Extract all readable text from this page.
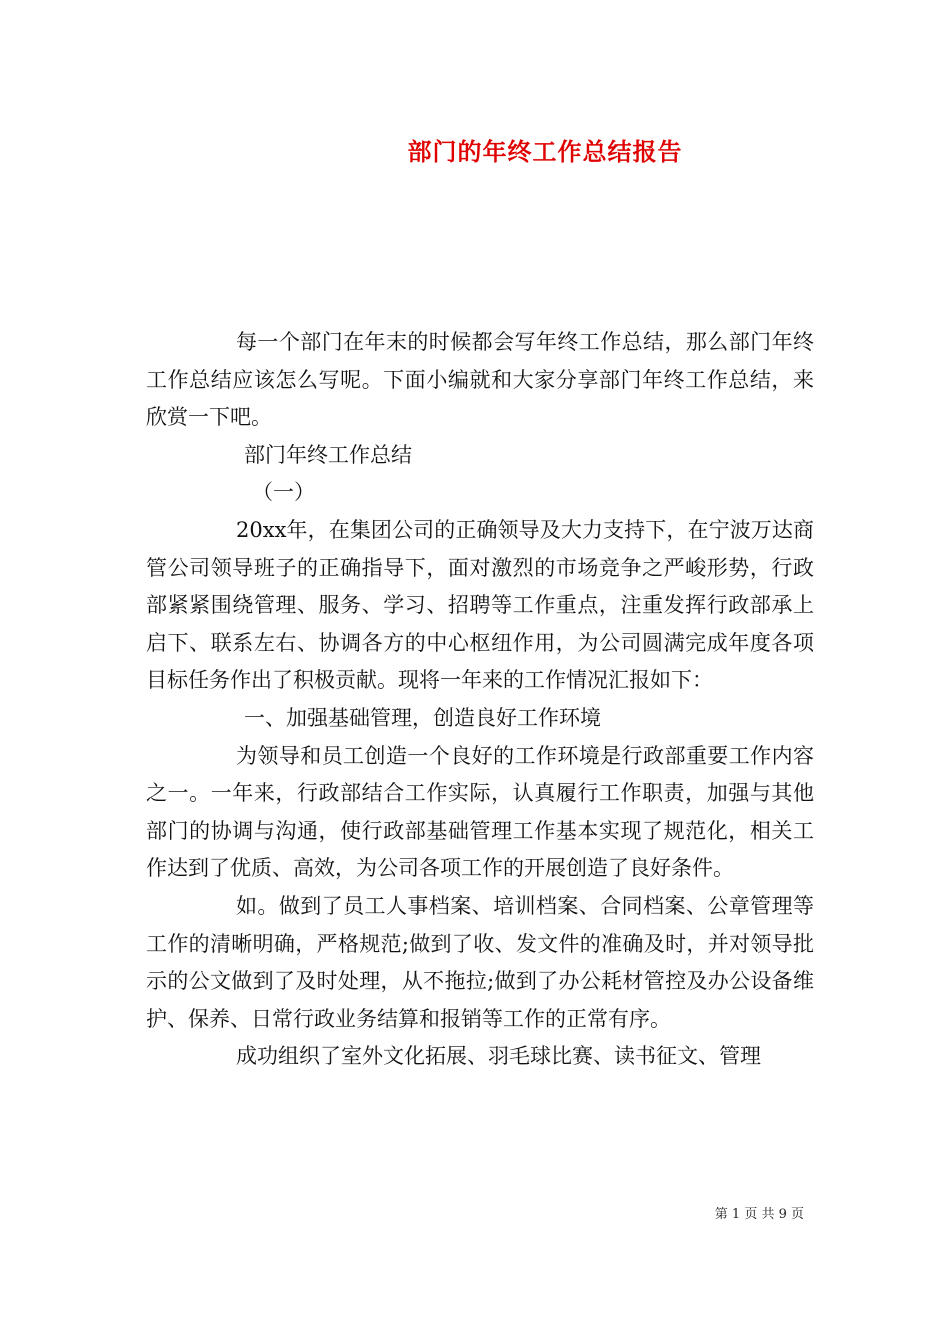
部门的年终工作总结报告

每一个部门在年末的时候都会写年终工作总结，那么部门年终工作总结应该怎么写呢。下面小编就和大家分享部门年终工作总结，来欣赏一下吧。

部门年终工作总结

（一）

20xx年，在集团公司的正确领导及大力支持下，在宁波万达商管公司领导班子的正确指导下，面对激烈的市场竞争之严峻形势，行政部紧紧围绕管理、服务、学习、招聘等工作重点，注重发挥行政部承上启下、联系左右、协调各方的中心枢纽作用，为公司圆满完成年度各项目标任务作出了积极贡献。现将一年来的工作情况汇报如下：

一、加强基础管理，创造良好工作环境

为领导和员工创造一个良好的工作环境是行政部重要工作内容之一。一年来，行政部结合工作实际，认真履行工作职责，加强与其他部门的协调与沟通，使行政部基础管理工作基本实现了规范化，相关工作达到了优质、高效，为公司各项工作的开展创造了良好条件。

如。做到了员工人事档案、培训档案、合同档案、公章管理等工作的清晰明确，严格规范;做到了收、发文件的准确及时，并对领导批示的公文做到了及时处理，从不拖拉;做到了办公耗材管控及办公设备维护、保养、日常行政业务结算和报销等工作的正常有序。

成功组织了室外文化拓展、羽毛球比赛、读书征文、管理

第 1 页 共 9 页
